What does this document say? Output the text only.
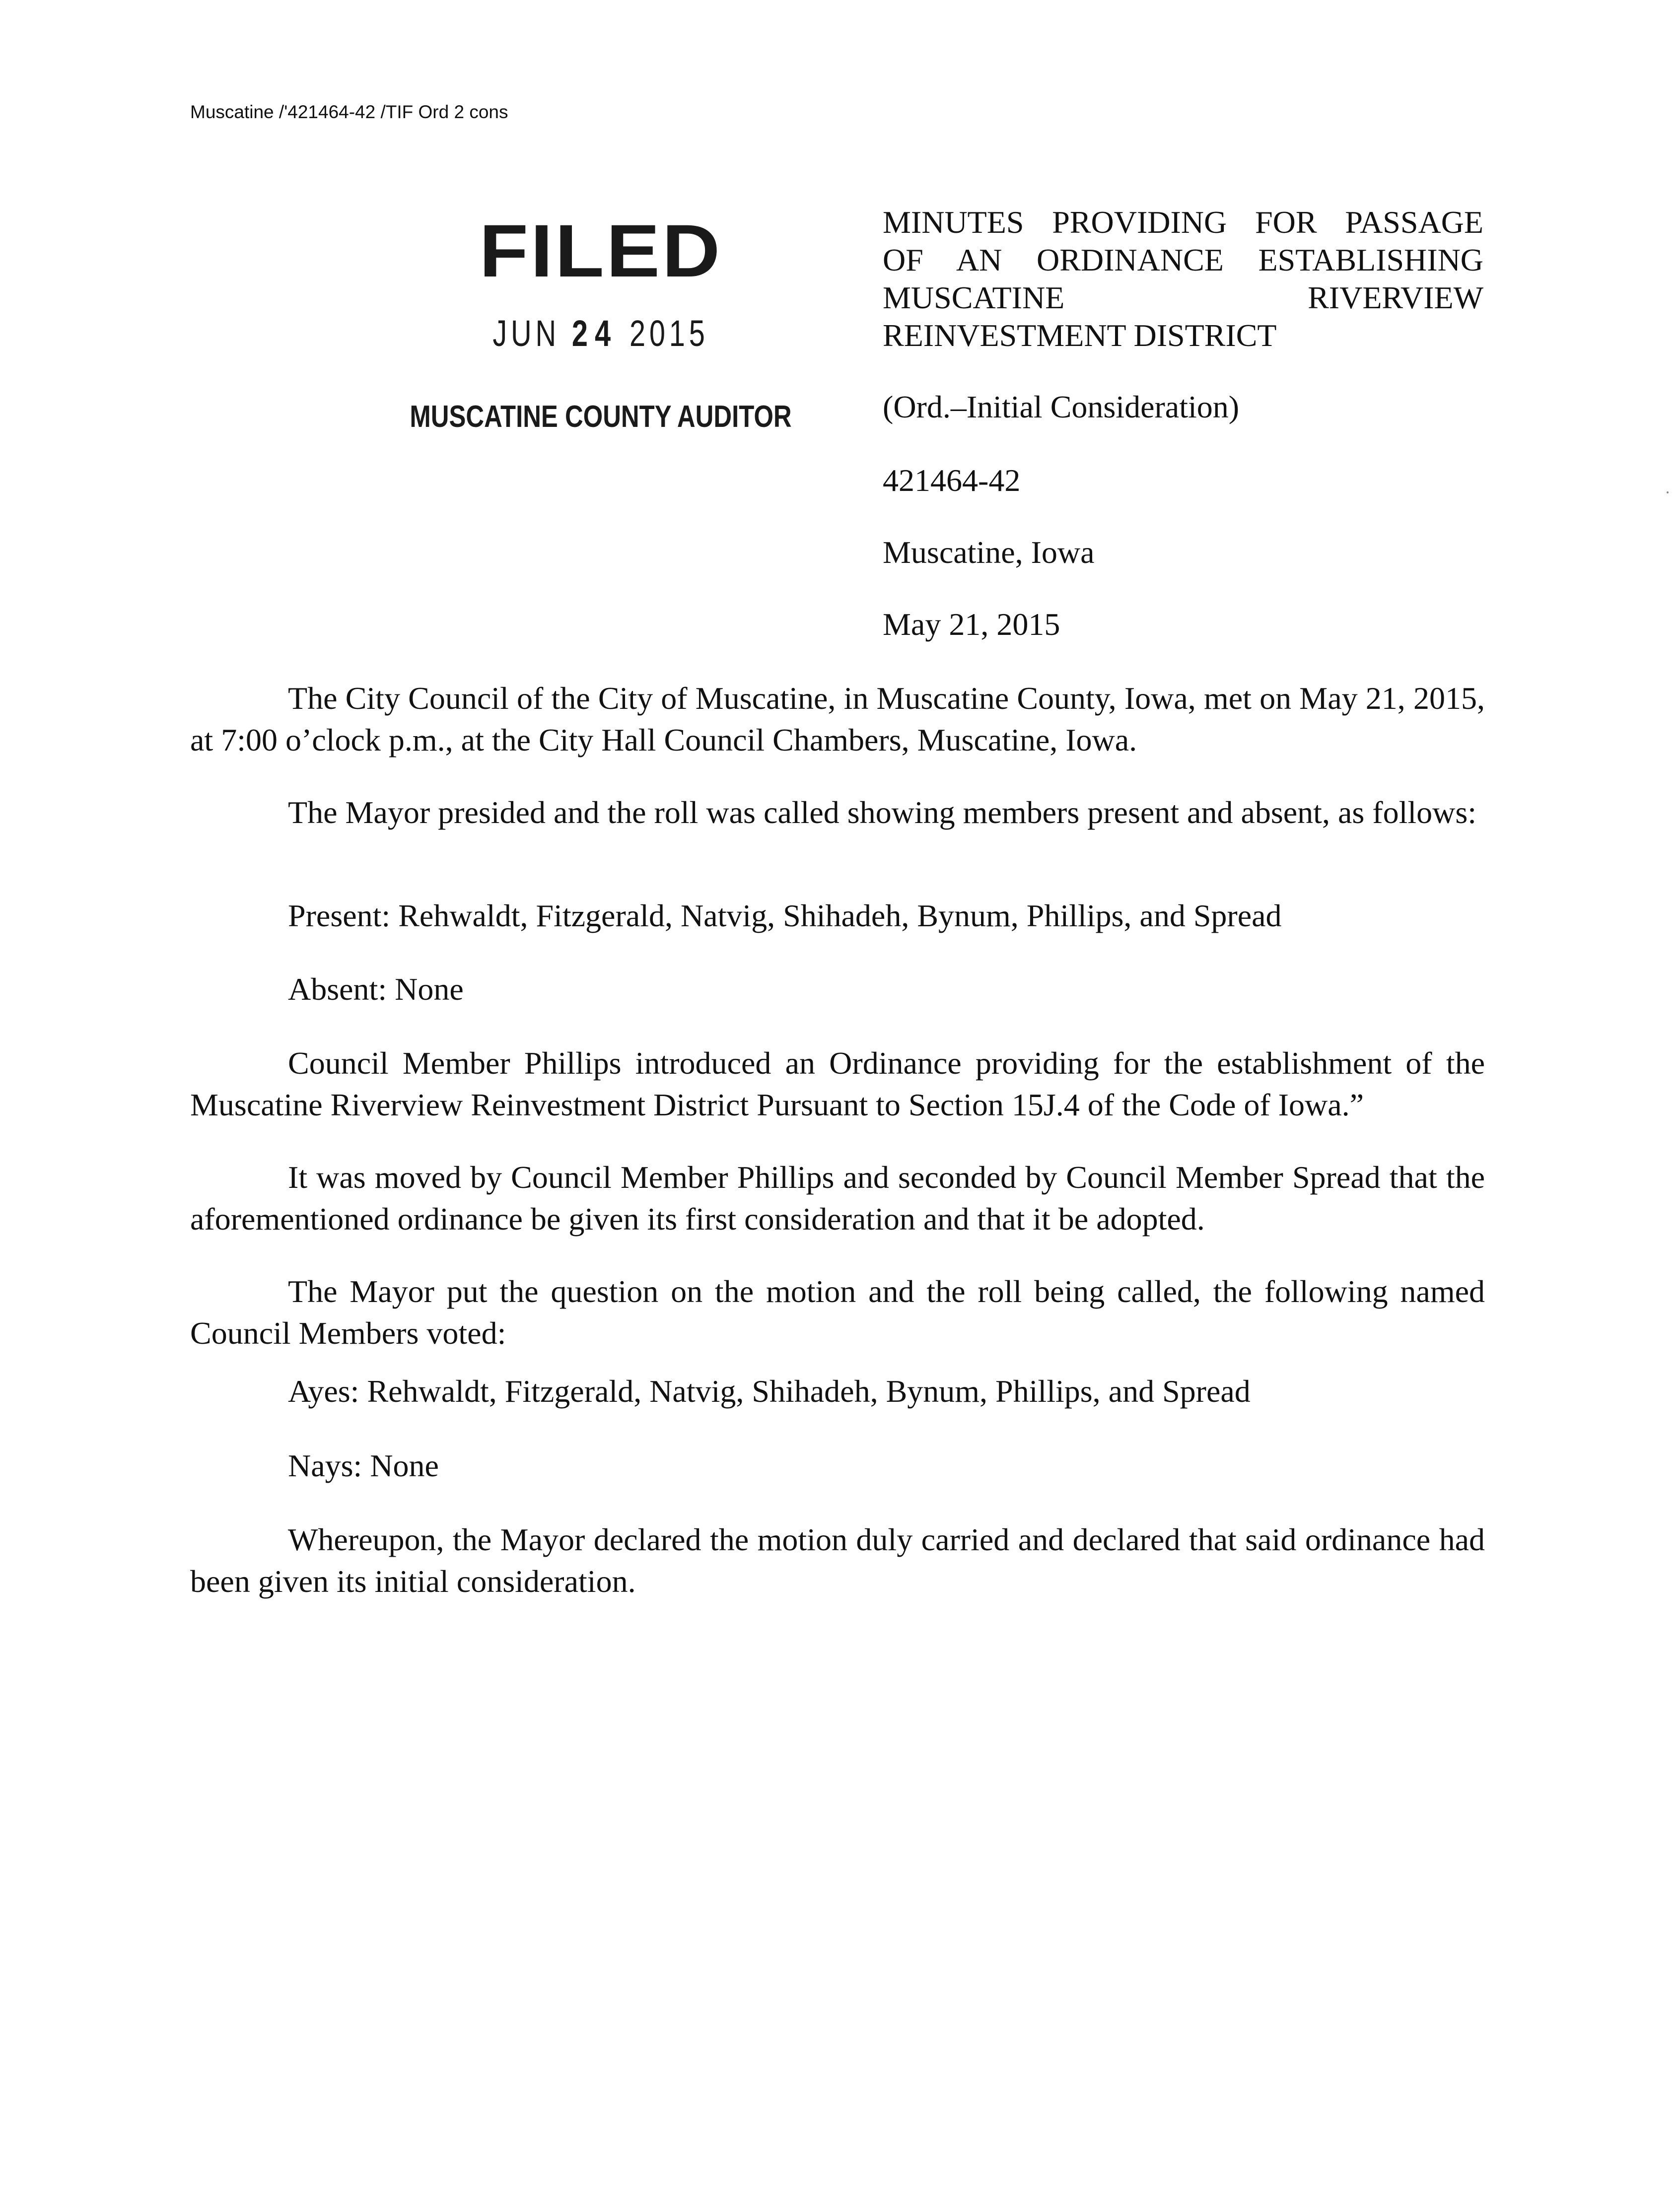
Muscatine /'421464-42 /TIF Ord 2 cons
FILED
JUN 24 2015
MUSCATINE COUNTY AUDITOR
MINUTES PROVIDING FOR PASSAGE
OF AN ORDINANCE ESTABLISHING
MUSCATINE	RIVERVIEW
REINVESTMENT DISTRICT
(Ord.–Initial Consideration)
421464-42
Muscatine, Iowa
May 21, 2015
The City Council of the City of Muscatine, in Muscatine County, Iowa, met on May 21, 2015, at 7:00 o’clock p.m., at the City Hall Council Chambers, Muscatine, Iowa.
The Mayor presided and the roll was called showing members present and absent, as follows:
Present: Rehwaldt, Fitzgerald, Natvig, Shihadeh, Bynum, Phillips, and Spread
Absent: None
Council Member Phillips introduced an Ordinance providing for the establishment of the Muscatine Riverview Reinvestment District Pursuant to Section 15J.4 of the Code of Iowa.”
It was moved by Council Member Phillips and seconded by Council Member Spread that the aforementioned ordinance be given its first consideration and that it be adopted.
The Mayor put the question on the motion and the roll being called, the following named Council Members voted:
Ayes: Rehwaldt, Fitzgerald, Natvig, Shihadeh, Bynum, Phillips, and Spread
Nays: None
Whereupon, the Mayor declared the motion duly carried and declared that said ordinance had been given its initial consideration.
